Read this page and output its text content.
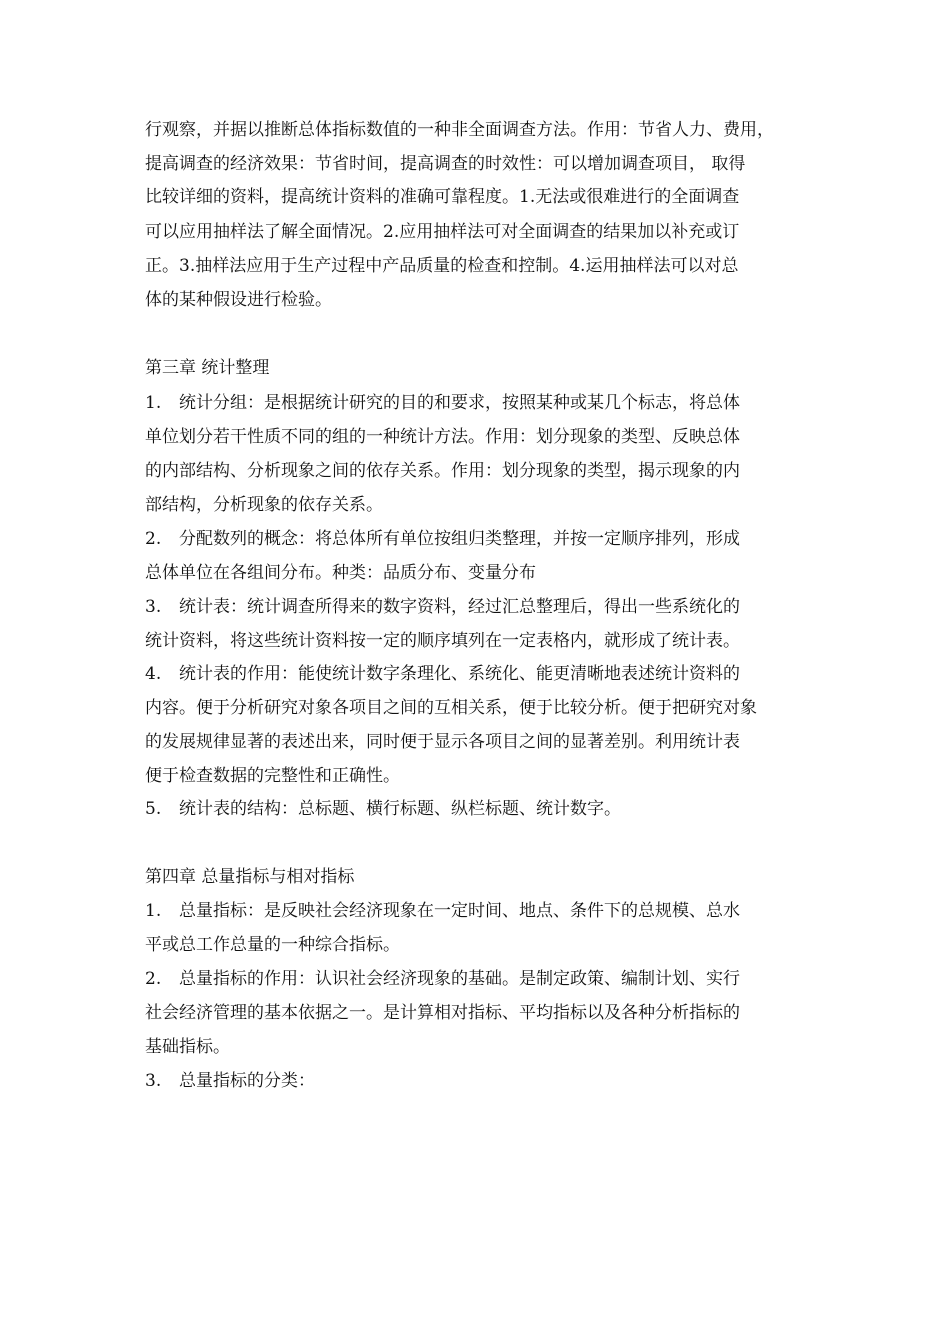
行观察，并据以推断总体指标数值的一种非全面调查方法。作用：节省人力、费用，

提高调查的经济效果：节省时间，提高调查的时效性：可以增加调查项目， 取得

比较详细的资料，提高统计资料的准确可靠程度。1.无法或很难进行的全面调查

可以应用抽样法了解全面情况。2.应用抽样法可对全面调查的结果加以补充或订

正。3.抽样法应用于生产过程中产品质量的检查和控制。4.运用抽样法可以对总

体的某种假设进行检验。

第三章 统计整理

1. 统计分组：是根据统计研究的目的和要求，按照某种或某几个标志，将总体

单位划分若干性质不同的组的一种统计方法。作用：划分现象的类型、反映总体

的内部结构、分析现象之间的依存关系。作用：划分现象的类型，揭示现象的内

部结构，分析现象的依存关系。

2. 分配数列的概念：将总体所有单位按组归类整理，并按一定顺序排列，形成

总体单位在各组间分布。种类：品质分布、变量分布

3. 统计表：统计调查所得来的数字资料，经过汇总整理后，得出一些系统化的

统计资料，将这些统计资料按一定的顺序填列在一定表格内，就形成了统计表。

4. 统计表的作用：能使统计数字条理化、系统化、能更清晰地表述统计资料的

内容。便于分析研究对象各项目之间的互相关系，便于比较分析。便于把研究对象

的发展规律显著的表述出来，同时便于显示各项目之间的显著差别。利用统计表

便于检查数据的完整性和正确性。

5. 统计表的结构：总标题、横行标题、纵栏标题、统计数字。

第四章 总量指标与相对指标

1. 总量指标：是反映社会经济现象在一定时间、地点、条件下的总规模、总水

平或总工作总量的一种综合指标。

2. 总量指标的作用：认识社会经济现象的基础。是制定政策、编制计划、实行

社会经济管理的基本依据之一。是计算相对指标、平均指标以及各种分析指标的

基础指标。

3. 总量指标的分类：
